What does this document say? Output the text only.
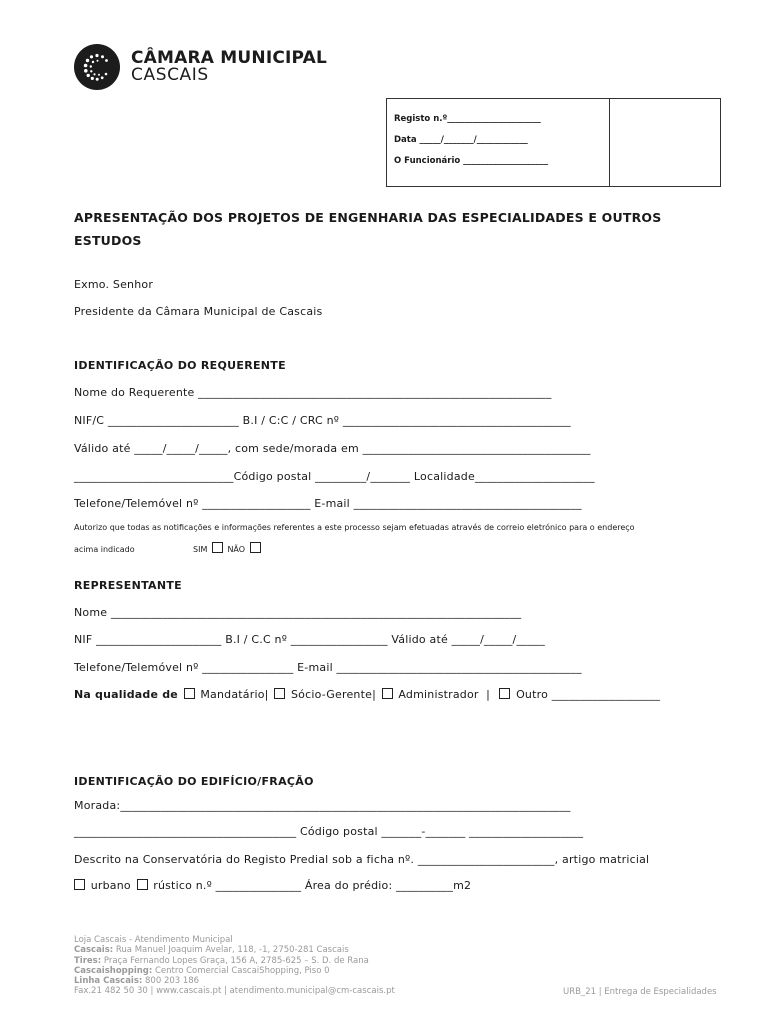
CÂMARA MUNICIPAL
CASCAIS
Registo n.º______________________
Data _____/_______/____________
O Funcionário ____________________
APRESENTAÇÃO DOS PROJETOS DE ENGENHARIA DAS ESPECIALIDADES E OUTROS
ESTUDOS
Exmo. Senhor
Presidente da Câmara Municipal de Cascais
IDENTIFICAÇÃO DO REQUERENTE
Nome do Requerente ______________________________________________________________
NIF/C _______________________ B.I / C:C / CRC nº ________________________________________
Válido até _____/_____/_____, com sede/morada em ________________________________________
____________________________Código postal _________/_______ Localidade_____________________
Telefone/Telemóvel nº ___________________ E-mail ________________________________________
Autorizo que todas as notificações e informações referentes a este processo sejam efetuadas através de correio eletrónico para o endereço
acima indicado	SIM	NÃO
REPRESENTANTE
Nome ________________________________________________________________________
NIF ______________________ B.I / C.C nº _________________ Válido até _____/_____/_____
Telefone/Telemóvel nº ________________ E-mail ___________________________________________
Na qualidade de Mandatário| Sócio-Gerente| Administrador | Outro ___________________
IDENTIFICAÇÃO DO EDIFÍCIO/FRAÇÃO
Morada:_______________________________________________________________________________
_______________________________________ Código postal _______-_______ ____________________
Descrito na Conservatória do Registo Predial sob a ficha nº. ________________________, artigo matricial
urbano rústico n.º _______________ Área do prédio: __________m2
Loja Cascais - Atendimento Municipal
Cascais: Rua Manuel Joaquim Avelar, 118, -1, 2750-281 Cascais
Tires: Praça Fernando Lopes Graça, 156 A, 2785-625 – S. D. de Rana
Cascaishopping: Centro Comercial CascaiShopping, Piso 0
Linha Cascais: 800 203 186
Fax.21 482 50 30 | www.cascais.pt | atendimento.municipal@cm-cascais.pt	URB_21 | Entrega de Especialidades
